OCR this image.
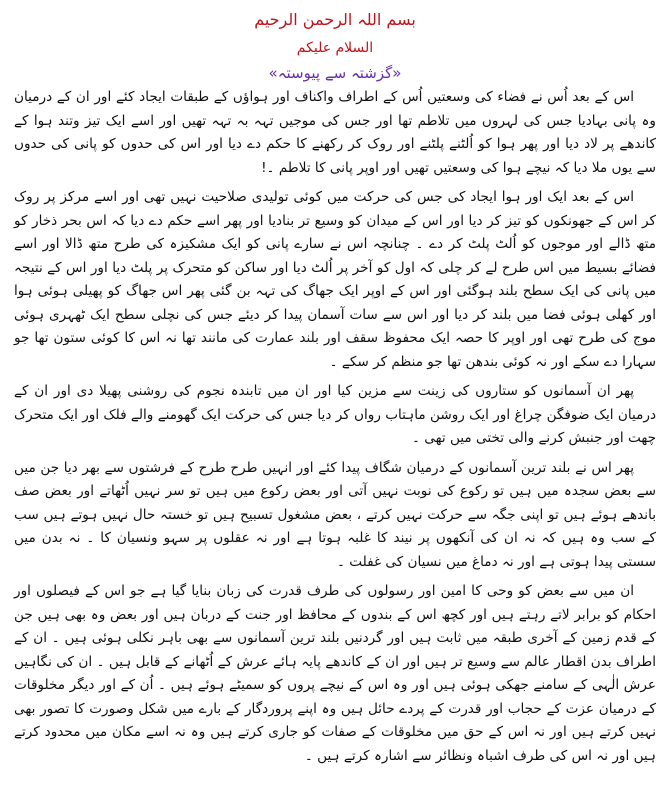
بسم اللہ الرحمن الرحیم

السلام علیکم

«گزشتہ سے پیوستہ»

اس کے بعد اُس نے فضاء کی وسعتیں اُس کے اطراف واکناف اور ہواؤں کے طبقات ایجاد کئے اور ان کے درمیان وہ پانی بہادیا جس کی لہروں میں تلاطم تھا اور جس کی موجیں تہہ بہ تہہ تھیں اور اسے ایک تیز وتند ہوا کے کاندھے پر لاد دیا اور پھر ہوا کو اُلٹنے پلٹنے اور روک کر رکھنے کا حکم دے دیا اور اس کی حدوں کو پانی کی حدوں سے یوں ملا دیا کہ نیچے ہوا کی وسعتیں تھیں اور اوپر پانی کا تلاطم ۔!

اس کے بعد ایک اور ہوا ایجاد کی جس کی حرکت میں کوئی تولیدی صلاحیت نہیں تھی اور اسے مرکز پر روک کر اس کے جھونکوں کو تیز کر دیا اور اس کے میدان کو وسیع تر بنادیا اور پھر اسے حکم دے دیا کہ اس بحر ذخار کو متھ ڈالے اور موجوں کو اُلٹ پلٹ کر دے ۔ چنانچہ اس نے سارے پانی کو ایک مشکیزہ کی طرح متھ ڈالا اور اسے فضائے بسیط میں اس طرح لے کر چلی کہ اول کو آخر پر اُلٹ دیا اور ساکن کو متحرک پر پلٹ دیا اور اس کے نتیجہ میں پانی کی ایک سطح بلند ہوگئی اور اس کے اوپر ایک جھاگ کی تہہ بن گئی پھر اس جھاگ کو پھیلی ہوئی ہوا اور کھلی ہوئی فضا میں بلند کر دیا اور اس سے سات آسمان پیدا کر دیئے جس کی نچلی سطح ایک ٹھہری ہوئی موج کی طرح تھی اور اوپر کا حصہ ایک محفوظ سقف اور بلند عمارت کی مانند تھا نہ اس کا کوئی ستون تھا جو سہارا دے سکے اور نہ کوئی بندھن تھا جو منظم کر سکے ۔

پھر ان آسمانوں کو ستاروں کی زینت سے مزین کیا اور ان میں تابندہ نجوم کی روشنی پھیلا دی اور ان کے درمیان ایک ضوفگن چراغ اور ایک روشن ماہتاب رواں کر دیا جس کی حرکت ایک گھومنے والے فلک اور ایک متحرک چھت اور جنبش کرنے والی تختی میں تھی ۔

پھر اس نے بلند ترین آسمانوں کے درمیان شگاف پیدا کئے اور انہیں طرح طرح کے فرشتوں سے بھر دیا جن میں سے بعض سجدہ میں ہیں تو رکوع کی نوبت نہیں آتی اور بعض رکوع میں ہیں تو سر نہیں اُٹھاتے اور بعض صف باندھے ہوئے ہیں تو اپنی جگہ سے حرکت نہیں کرتے ، بعض مشغول تسبیح ہیں تو خستہ حال نہیں ہوتے ہیں سب کے سب وہ ہیں کہ نہ ان کی آنکھوں پر نیند کا غلبہ ہوتا ہے اور نہ عقلوں پر سہو ونسیان کا ۔ نہ بدن میں سستی پیدا ہوتی ہے اور نہ دماغ میں نسیان کی غفلت ۔

ان میں سے بعض کو وحی کا امین اور رسولوں کی طرف قدرت کی زبان بنایا گیا ہے جو اس کے فیصلوں اور احکام کو برابر لاتے رہتے ہیں اور کچھ اس کے بندوں کے محافظ اور جنت کے دربان ہیں اور بعض وہ بھی ہیں جن کے قدم زمین کے آخری طبقہ میں ثابت ہیں اور گردنیں بلند ترین آسمانوں سے بھی باہر نکلی ہوئی ہیں ۔ ان کے اطراف بدن اقطار عالم سے وسیع تر ہیں اور ان کے کاندھے پایہ ہائے عرش کے اُٹھانے کے قابل ہیں ۔ ان کی نگاہیں عرش الٰہی کے سامنے جھکی ہوئی ہیں اور وہ اس کے نیچے پروں کو سمیٹے ہوئے ہیں ۔ اُن کے اور دیگر مخلوقات کے درمیان عزت کے حجاب اور قدرت کے پردے حائل ہیں وہ اپنے پروردگار کے بارے میں شکل وصورت کا تصور بھی نہیں کرتے ہیں اور نہ اس کے حق میں مخلوقات کے صفات کو جاری کرتے ہیں وہ نہ اسے مکان میں محدود کرتے ہیں اور نہ اس کی طرف اشباہ ونظائر سے اشارہ کرتے ہیں ۔
